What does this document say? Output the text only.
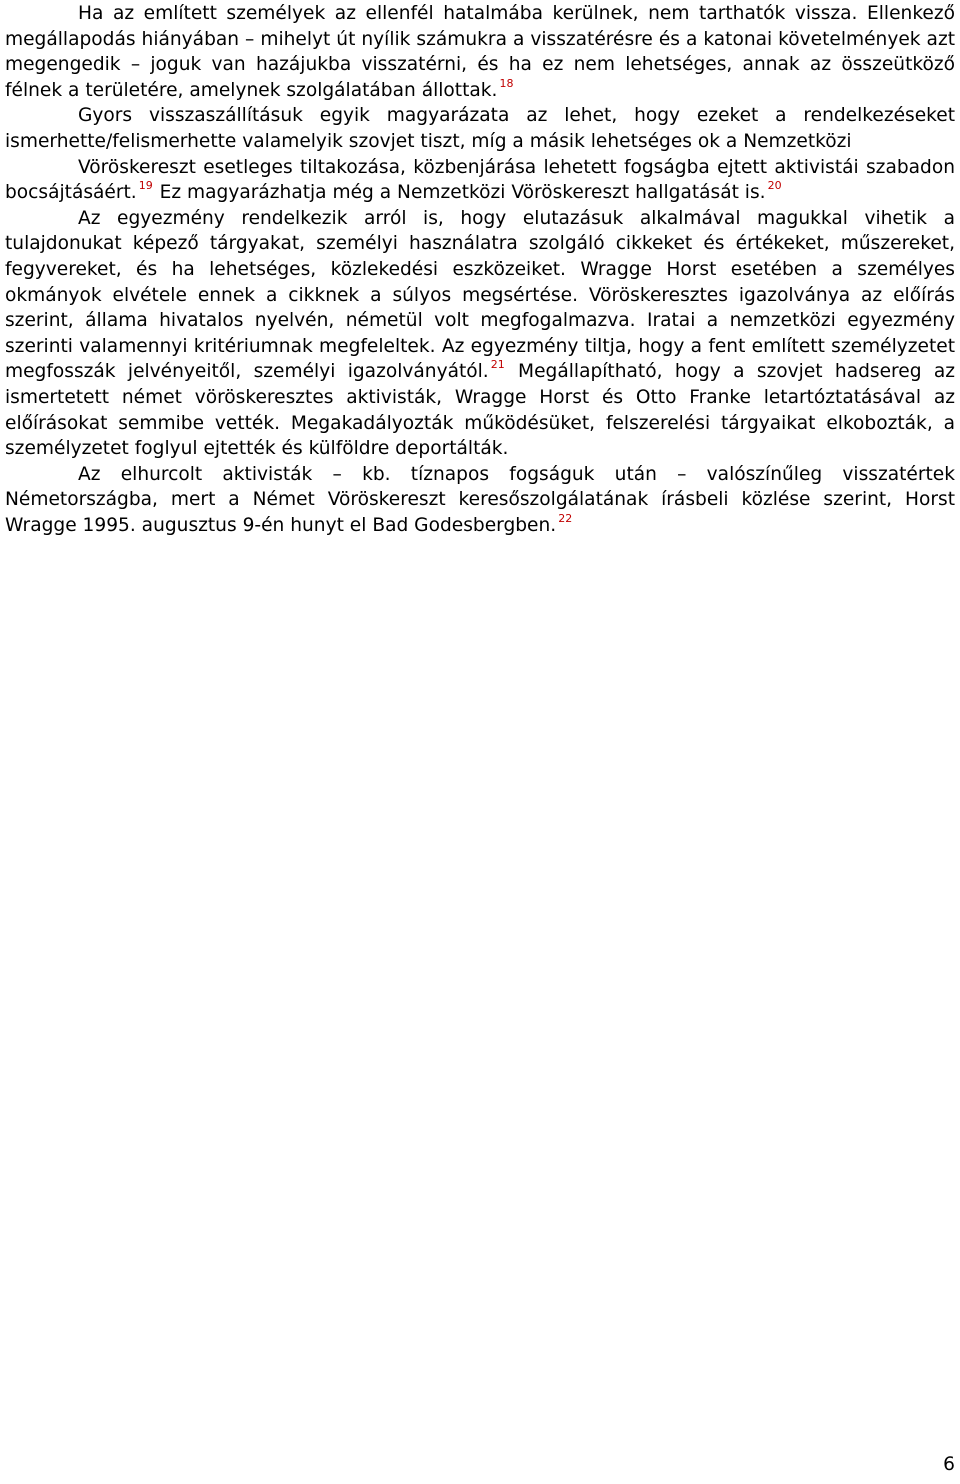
Ha az említett személyek az ellenfél hatalmába kerülnek, nem tarthatók vissza. Ellenkező megállapodás hiányában – mihelyt út nyílik számukra a visszatérésre és a katonai követelmények azt megengedik – joguk van hazájukba visszatérni, és ha ez nem lehetséges, annak az összeütköző félnek a területére, amelynek szolgálatában állottak. $^{18}$

Gyors visszaszállításuk egyik magyarázata az lehet, hogy ezeket a rendelkezéseket ismerhette/felismerhette valamelyik szovjet tiszt, míg a másik lehetséges ok a Nemzetközi

Vöröskereszt esetleges tiltakozása, közbenjárása lehetett fogságba ejtett aktivistái szabadon bocsájtásáért. $^{19}$ Ez magyarázhatja még a Nemzetközi Vöröskereszt hallgatását is. $^{20}$

Az egyezmény rendelkezik arról is, hogy elutazásuk alkalmával magukkal vihetik a tulajdonukat képező tárgyakat, személyi használatra szolgáló cikkeket és értékeket, műszereket, fegyvereket, és ha lehetséges, közlekedési eszközeiket. Wragge Horst esetében a személyes okmányok elvétele ennek a cikknek a súlyos megsértése. Vöröskeresztes igazolványa az előírás szerint, állama hivatalos nyelvén, németül volt megfogalmazva. Iratai a nemzetközi egyezmény szerinti valamennyi kritériumnak megfeleltek. Az egyezmény tiltja, hogy a fent említett személyzetet megfosszák jelvényeitől, személyi igazolványától. $^{21}$ Megállapítható, hogy a szovjet hadsereg az ismertetett német vöröskeresztes aktivisták, Wragge Horst és Otto Franke letartóztatásával az előírásokat semmibe vették. Megakadályozták működésüket, felszerelési tárgyaikat elkobozták, a személyzetet foglyul ejtették és külföldre deportálták.

Az elhurcolt aktivisták – kb. tíznapos fogságuk után – valószínűleg visszatértek Németországba, mert a Német Vöröskereszt keresőszolgálatának írásbeli közlése szerint, Horst Wragge 1995. augusztus 9-én hunyt el Bad Godesbergben. $^{22}$

6
